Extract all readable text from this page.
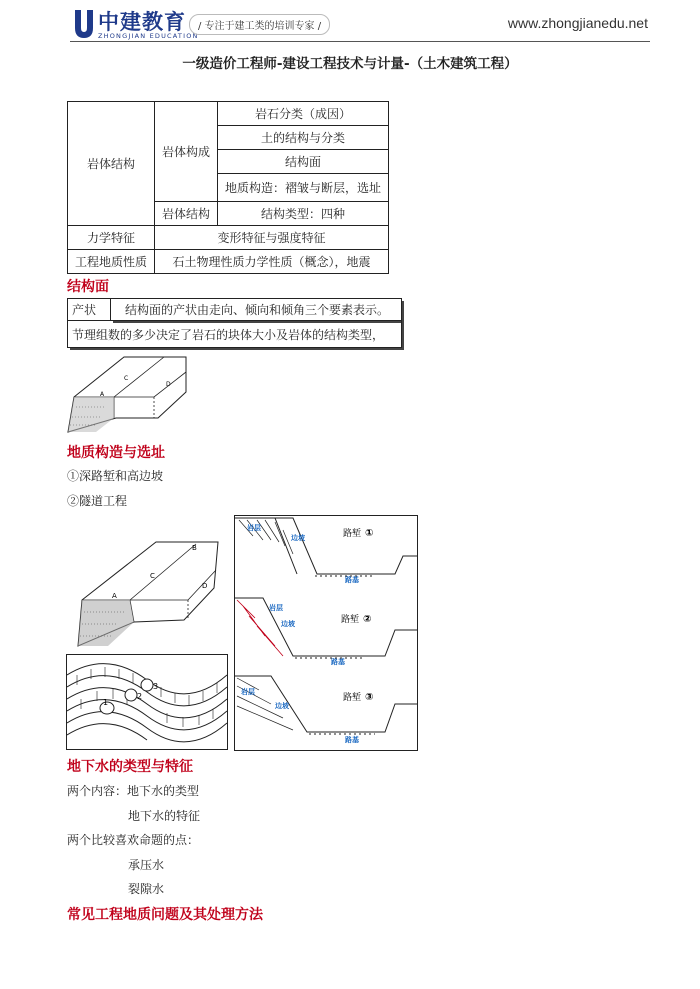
中建教育
ZHONGJIAN EDUCATION
/ 专注于建工类的培训专家 /	www.zhongjianedu.net
一级造价工程师-建设工程技术与计量-（土木建筑工程）
岩体结构	岩体构成	岩石分类（成因）
		土的结构与分类
		结构面
		地质构造：褶皱与断层，选址
	岩体结构	结构类型：四种
力学特征	变形特征与强度特征	
工程地质性质	石土物理性质力学性质（概念），地震	
结构面
产状	结构面的产状由走向、倾向和倾角三个要素表示。
节理组数的多少决定了岩石的块体大小及岩体的结构类型，
A
C
D
地质构造与选址
①深路堑和高边坡
②隧道工程
A
C
D
B
1
2
3
岩层
边坡	路堑 ①
路基
岩层
边坡	路堑 ②
路基
岩层
边坡
路堑 ③
路基
地下水的类型与特征
两个内容：地下水的类型
地下水的特征
两个比较喜欢命题的点：
承压水
裂隙水
常见工程地质问题及其处理方法
